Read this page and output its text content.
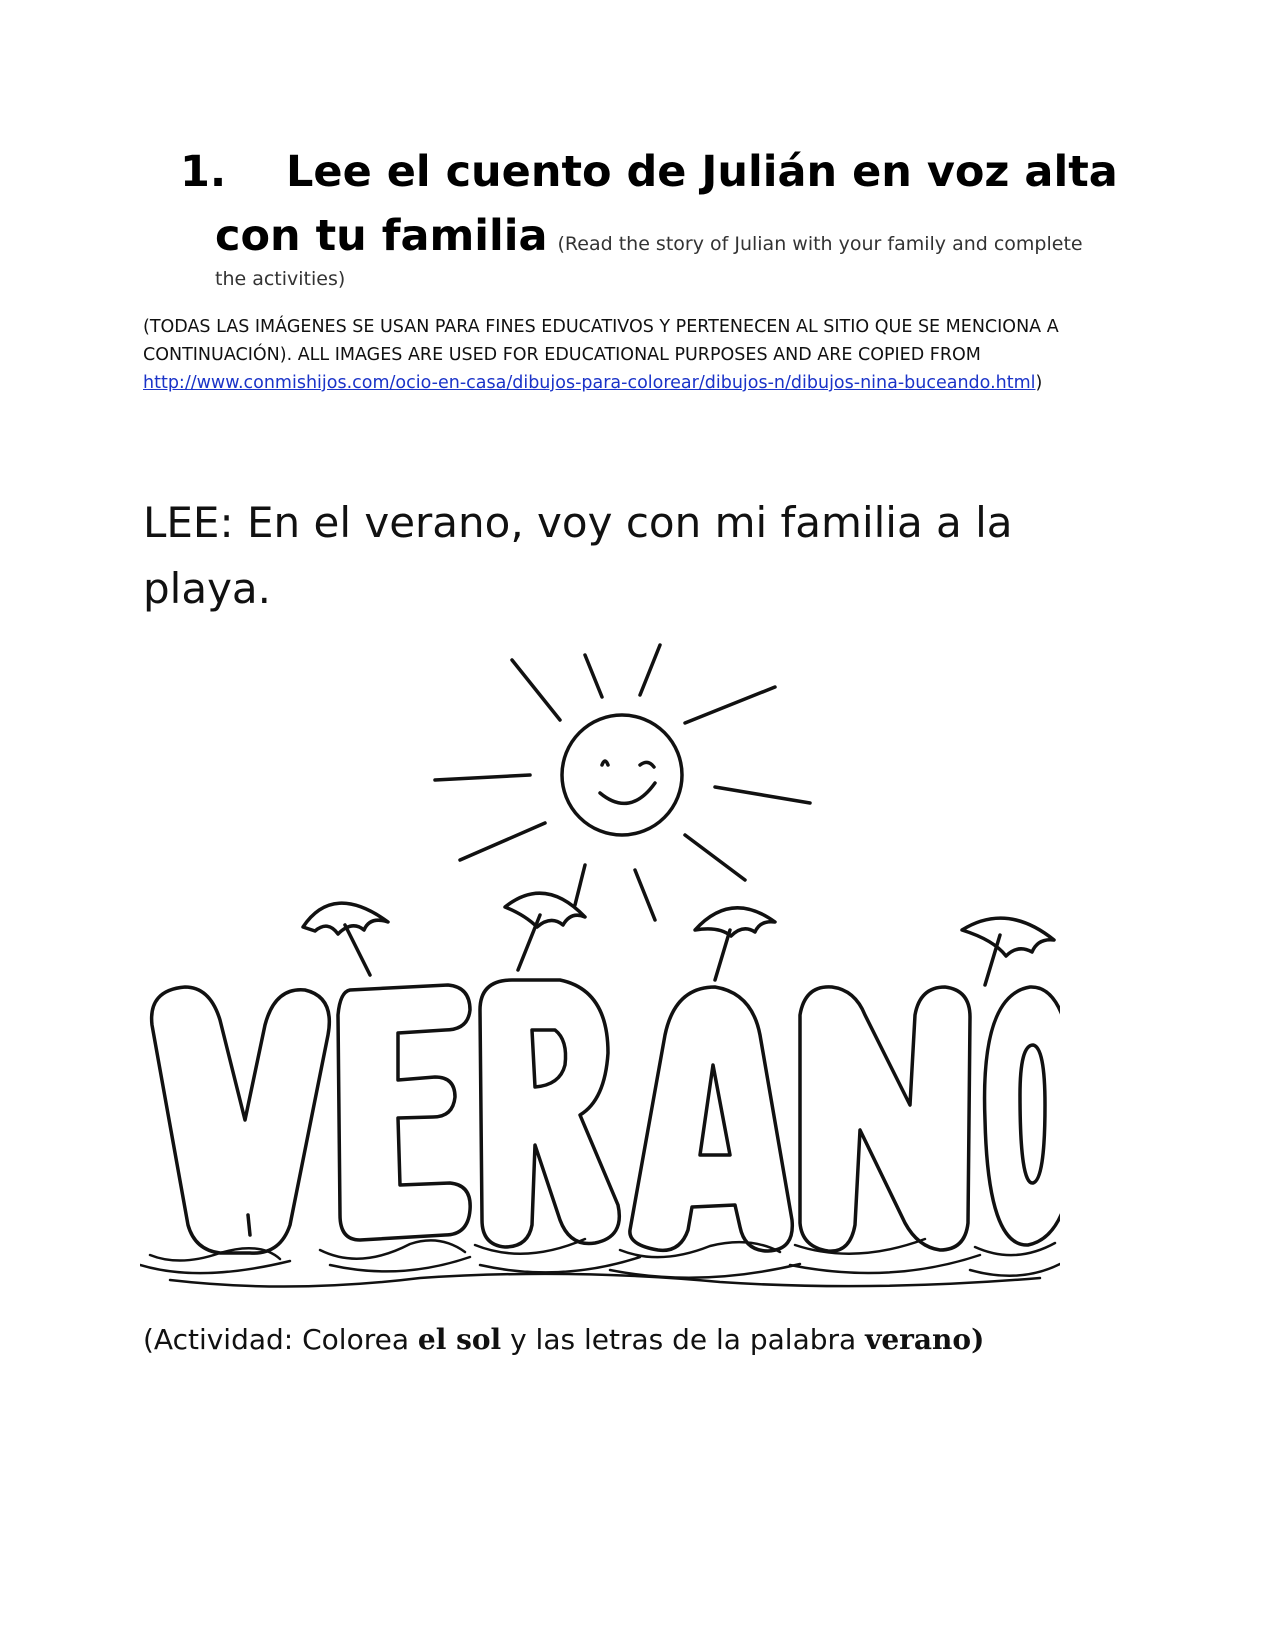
1. Lee el cuento de Julián en voz alta
con tu familia (Read the story of Julian with your family and complete
the activities)
(TODAS LAS IMÁGENES SE USAN PARA FINES EDUCATIVOS Y PERTENECEN AL SITIO QUE SE MENCIONA A CONTINUACIÓN). ALL IMAGES ARE USED FOR EDUCATIONAL PURPOSES AND ARE COPIED FROM http://www.conmishijos.com/ocio-en-casa/dibujos-para-colorear/dibujos-n/dibujos-nina-buceando.html)
LEE: En el verano, voy con mi familia a la playa.
(Actividad: Colorea el sol y las letras de la palabra verano)
